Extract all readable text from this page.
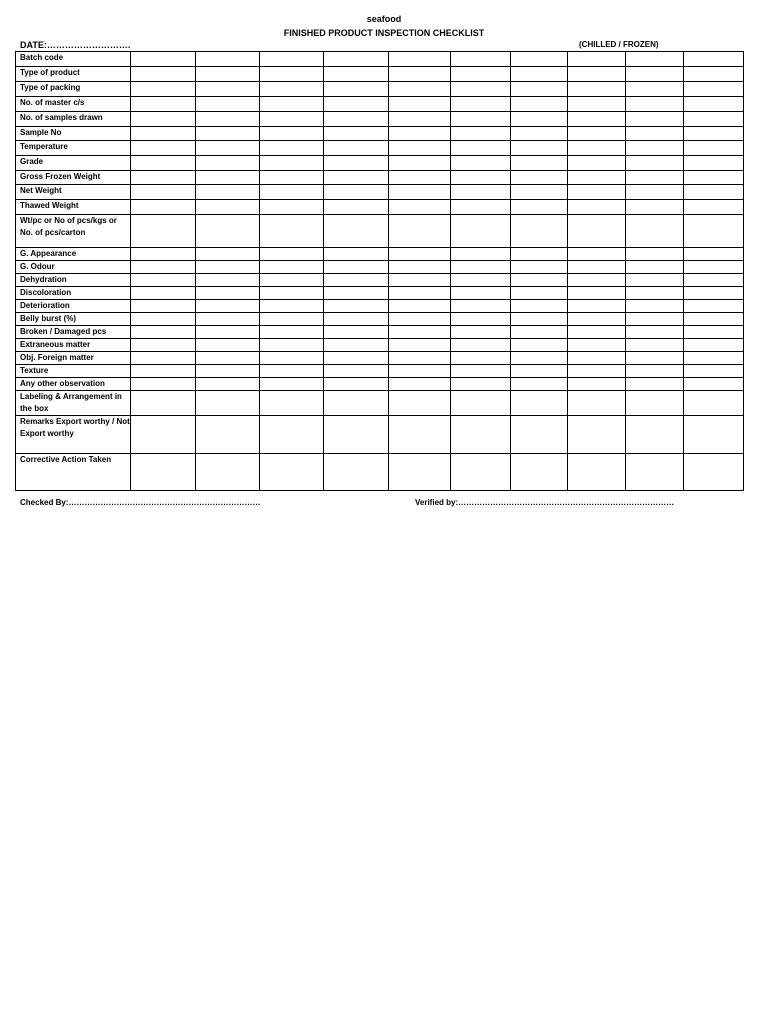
seafood
FINISHED PRODUCT INSPECTION CHECKLIST
DATE:……………………….	(CHILLED / FROZEN)
Batch code										
Type of product										
Type of packing										
No. of master c/s										
No. of samples drawn										
Sample No										
Temperature										
Grade										
Gross Frozen Weight										
Net Weight										
Thawed Weight										
Wt/pc or No of pcs/kgs or No. of pcs/carton										
G. Appearance										
G. Odour										
Dehydration										
Discoloration										
Deterioration										
Belly burst (%)										
Broken / Damaged pcs										
Extraneous matter										
Obj. Foreign matter										
Texture										
Any other observation										
Labeling & Arrangement in the box										
Remarks Export worthy / Not Export worthy										
Corrective Action Taken										
Checked By:………………………………………………………………	Verified by:………………………………………………………………………
